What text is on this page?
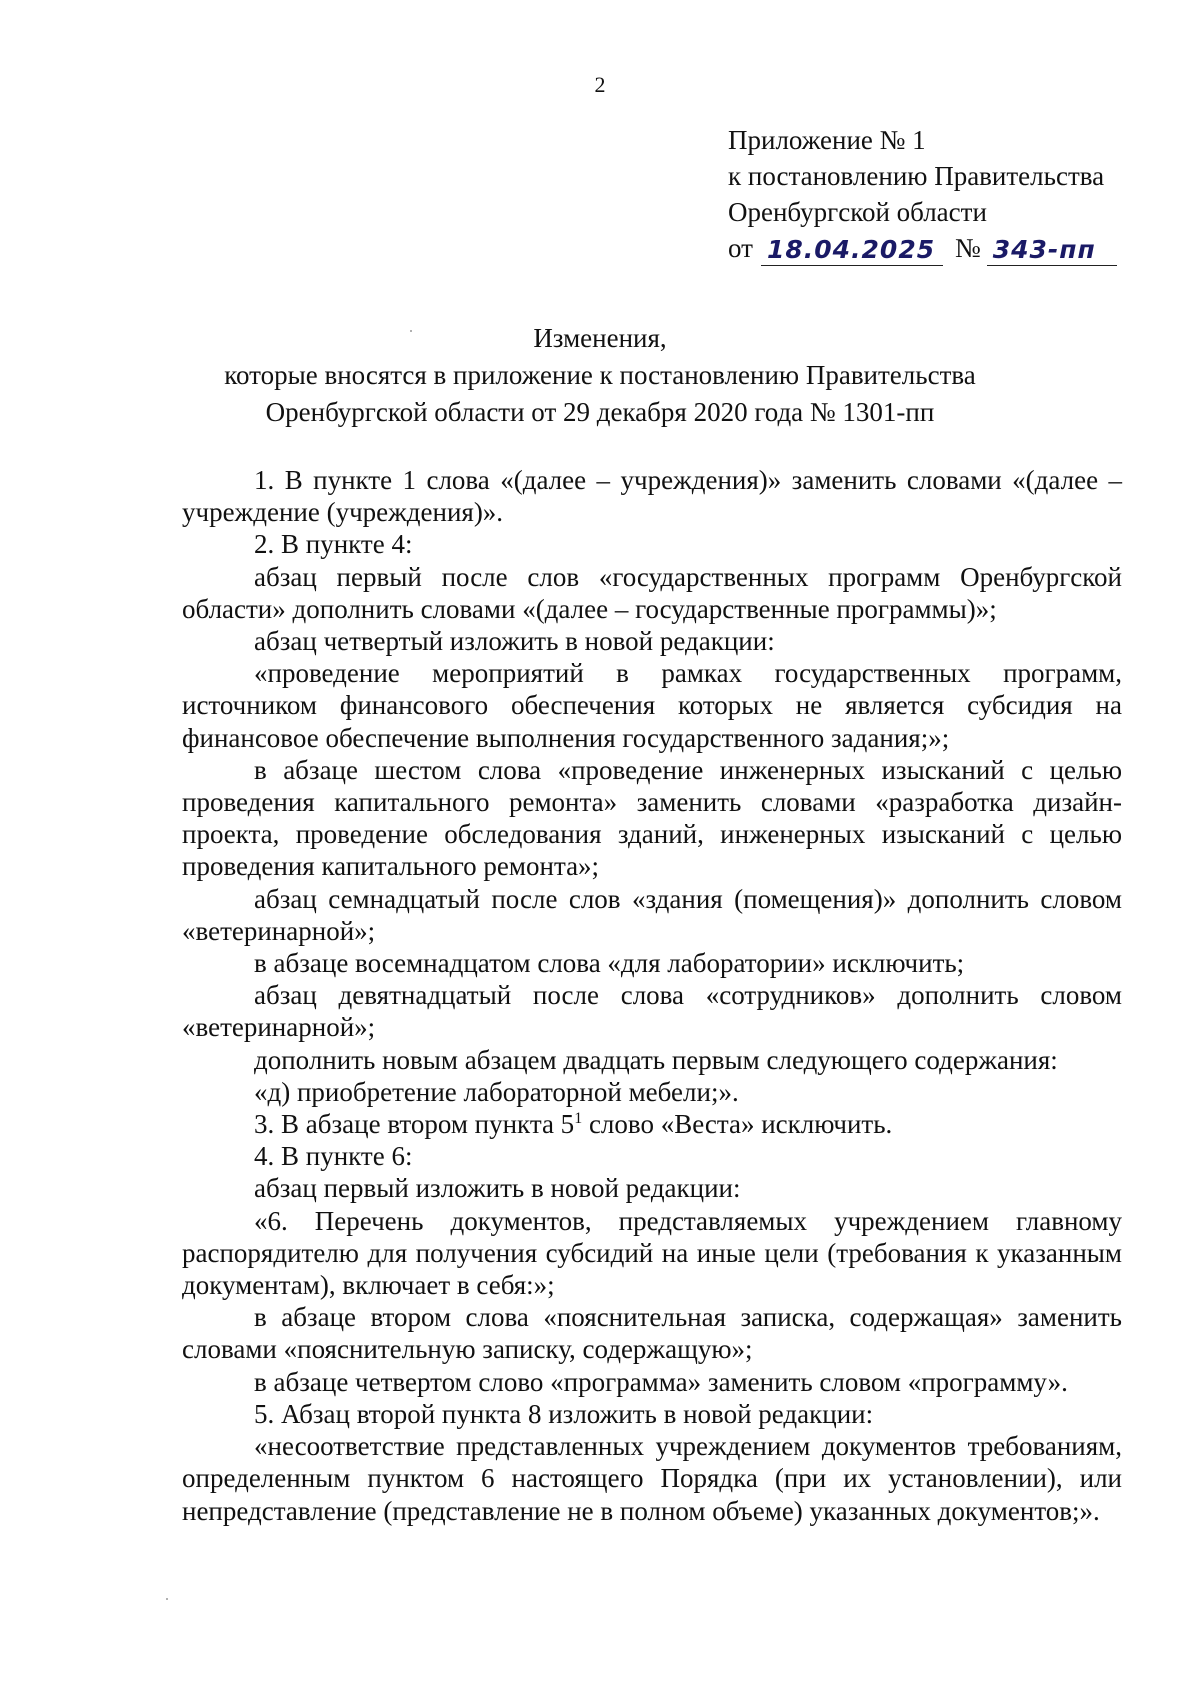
2
Приложение № 1
к постановлению Правительства
Оренбургской области
от 18.04.2025 № 343-пп
Изменения,
которые вносятся в приложение к постановлению Правительства
Оренбургской области от 29 декабря 2020 года № 1301-пп

1. В пункте 1 слова «(далее – учреждения)» заменить словами «(далее – учреждение (учреждения)».

2. В пункте 4:

абзац первый после слов «государственных программ Оренбургской области» дополнить словами «(далее – государственные программы)»;

абзац четвертый изложить в новой редакции:

«проведение мероприятий в рамках государственных программ, источником финансового обеспечения которых не является субсидия на финансовое обеспечение выполнения государственного задания;»;

в абзаце шестом слова «проведение инженерных изысканий с целью проведения капитального ремонта» заменить словами «разработка дизайн-проекта, проведение обследования зданий, инженерных изысканий с целью проведения капитального ремонта»;

абзац семнадцатый после слов «здания (помещения)» дополнить словом «ветеринарной»;

в абзаце восемнадцатом слова «для лаборатории» исключить;

абзац девятнадцатый после слова «сотрудников» дополнить словом «ветеринарной»;

дополнить новым абзацем двадцать первым следующего содержания:

«д) приобретение лабораторной мебели;».

3. В абзаце втором пункта $5^1$ слово «Веста» исключить.

4. В пункте 6:

абзац первый изложить в новой редакции:

«6. Перечень документов, представляемых учреждением главному распорядителю для получения субсидий на иные цели (требования к указанным документам), включает в себя:»;

в абзаце втором слова «пояснительная записка, содержащая» заменить словами «пояснительную записку, содержащую»;

в абзаце четвертом слово «программа» заменить словом «программу».

5. Абзац второй пункта 8 изложить в новой редакции:

«несоответствие представленных учреждением документов требованиям, определенным пунктом 6 настоящего Порядка (при их установлении), или непредставление (представление не в полном объеме) указанных документов;».
